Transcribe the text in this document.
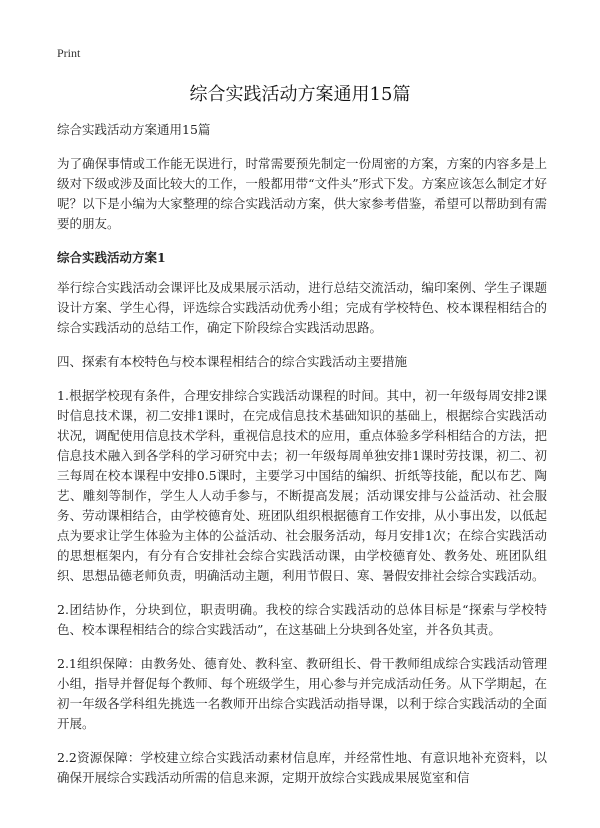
Print
综合实践活动方案通用15篇

综合实践活动方案通用15篇

为了确保事情或工作能无误进行，时常需要预先制定一份周密的方案，方案的内容多是上级对下级或涉及面比较大的工作，一般都用带“文件头”形式下发。方案应该怎么制定才好呢？以下是小编为大家整理的综合实践活动方案，供大家参考借鉴，希望可以帮助到有需要的朋友。

综合实践活动方案1

举行综合实践活动会课评比及成果展示活动，进行总结交流活动，编印案例、学生子课题设计方案、学生心得，评选综合实践活动优秀小组；完成有学校特色、校本课程相结合的综合实践活动的总结工作，确定下阶段综合实践活动思路。

四、探索有本校特色与校本课程相结合的综合实践活动主要措施

1.根据学校现有条件，合理安排综合实践活动课程的时间。其中，初一年级每周安排2课时信息技术课，初二安排1课时，在完成信息技术基础知识的基础上，根据综合实践活动状况，调配使用信息技术学科，重视信息技术的应用，重点体验多学科相结合的方法，把信息技术融入到各学科的学习研究中去；初一年级每周单独安排1课时劳技课，初二、初三每周在校本课程中安排0.5课时，主要学习中国结的编织、折纸等技能，配以布艺、陶艺、雕刻等制作，学生人人动手参与，不断提高发展；活动课安排与公益活动、社会服务、劳动课相结合，由学校德育处、班团队组织根据德育工作安排，从小事出发，以低起点为要求让学生体验为主体的公益活动、社会服务活动，每月安排1次；在综合实践活动的思想框架内，有分有合安排社会综合实践活动课，由学校德育处、教务处、班团队组织、思想品德老师负责，明确活动主题，利用节假日、寒、暑假安排社会综合实践活动。

2.团结协作，分块到位，职责明确。我校的综合实践活动的总体目标是“探索与学校特色、校本课程相结合的综合实践活动”，在这基础上分块到各处室，并各负其责。

2.1组织保障：由教务处、德育处、教科室、教研组长、骨干教师组成综合实践活动管理小组，指导并督促每个教师、每个班级学生，用心参与并完成活动任务。从下学期起，在初一年级各学科组先挑选一名教师开出综合实践活动指导课，以利于综合实践活动的全面开展。

2.2资源保障：学校建立综合实践活动素材信息库，并经常性地、有意识地补充资料，以确保开展综合实践活动所需的信息来源，定期开放综合实践成果展览室和信
